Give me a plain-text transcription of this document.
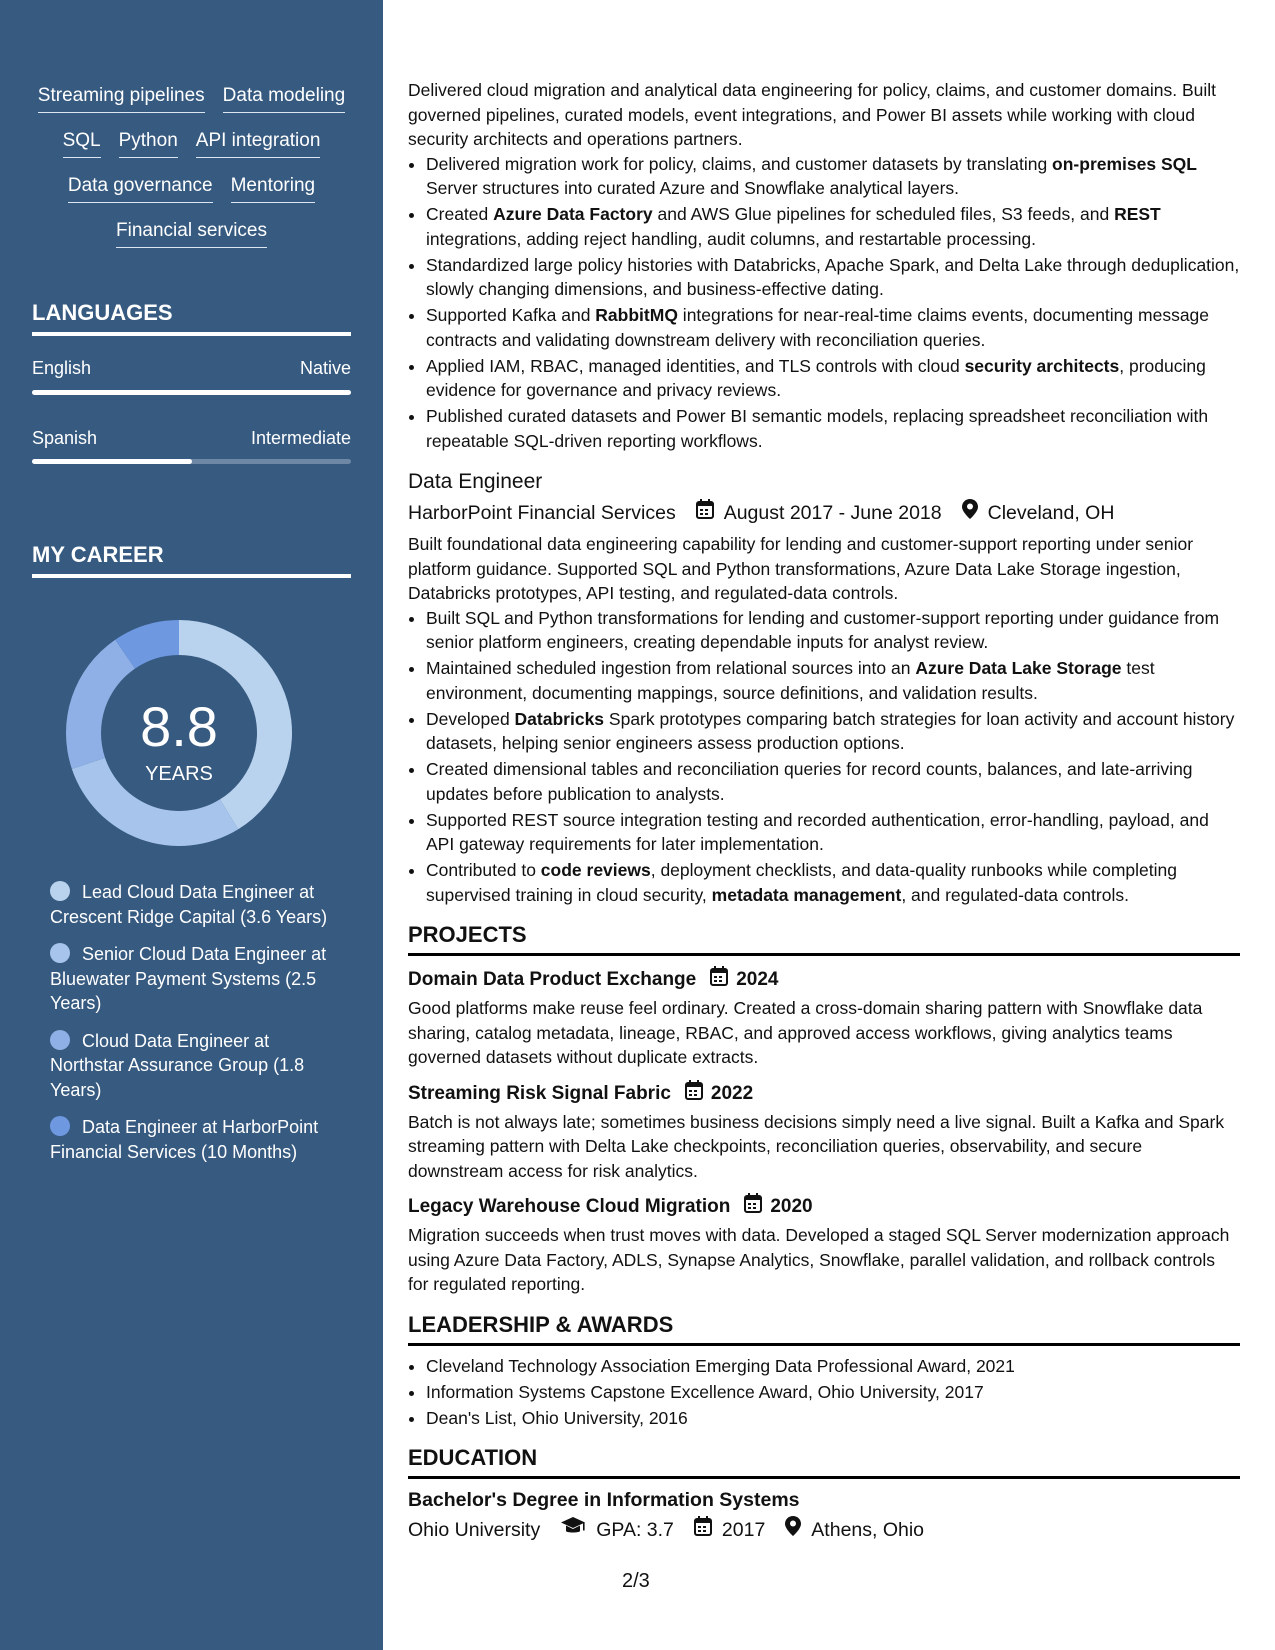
Streaming pipelines Data modeling
SQL Python API integration
Data governance Mentoring
Financial services
LANGUAGES
English	Native
Spanish	Intermediate
MY CAREER
8.8
YEARS
Lead Cloud Data Engineer at Crescent Ridge Capital (3.6 Years)
Senior Cloud Data Engineer at Bluewater Payment Systems (2.5 Years)
Cloud Data Engineer at Northstar Assurance Group (1.8 Years)
Data Engineer at HarborPoint Financial Services (10 Months)

Delivered cloud migration and analytical data engineering for policy, claims, and customer domains. Built governed pipelines, curated models, event integrations, and Power BI assets while working with cloud security architects and operations partners.

• Delivered migration work for policy, claims, and customer datasets by translating on-premises SQL Server structures into curated Azure and Snowflake analytical layers.
• Created Azure Data Factory and AWS Glue pipelines for scheduled files, S3 feeds, and REST integrations, adding reject handling, audit columns, and restartable processing.
• Standardized large policy histories with Databricks, Apache Spark, and Delta Lake through deduplication, slowly changing dimensions, and business-effective dating.
• Supported Kafka and RabbitMQ integrations for near-real-time claims events, documenting message contracts and validating downstream delivery with reconciliation queries.
• Applied IAM, RBAC, managed identities, and TLS controls with cloud security architects, producing evidence for governance and privacy reviews.
• Published curated datasets and Power BI semantic models, replacing spreadsheet reconciliation with repeatable SQL-driven reporting workflows.
Data Engineer
HarborPoint Financial Services August 2017 - June 2018 Cleveland, OH

Built foundational data engineering capability for lending and customer-support reporting under senior platform guidance. Supported SQL and Python transformations, Azure Data Lake Storage ingestion, Databricks prototypes, API testing, and regulated-data controls.

• Built SQL and Python transformations for lending and customer-support reporting under guidance from senior platform engineers, creating dependable inputs for analyst review.
• Maintained scheduled ingestion from relational sources into an Azure Data Lake Storage test environment, documenting mappings, source definitions, and validation results.
• Developed Databricks Spark prototypes comparing batch strategies for loan activity and account history datasets, helping senior engineers assess production options.
• Created dimensional tables and reconciliation queries for record counts, balances, and late-arriving updates before publication to analysts.
• Supported REST source integration testing and recorded authentication, error-handling, payload, and API gateway requirements for later implementation.
• Contributed to code reviews, deployment checklists, and data-quality runbooks while completing supervised training in cloud security, metadata management, and regulated-data controls.
PROJECTS
Domain Data Product Exchange 2024

Good platforms make reuse feel ordinary. Created a cross-domain sharing pattern with Snowflake data sharing, catalog metadata, lineage, RBAC, and approved access workflows, giving analytics teams governed datasets without duplicate extracts.

Streaming Risk Signal Fabric 2022

Batch is not always late; sometimes business decisions simply need a live signal. Built a Kafka and Spark streaming pattern with Delta Lake checkpoints, reconciliation queries, observability, and secure downstream access for risk analytics.

Legacy Warehouse Cloud Migration 2020

Migration succeeds when trust moves with data. Developed a staged SQL Server modernization approach using Azure Data Factory, ADLS, Synapse Analytics, Snowflake, parallel validation, and rollback controls for regulated reporting.

LEADERSHIP & AWARDS
• Cleveland Technology Association Emerging Data Professional Award, 2021
• Information Systems Capstone Excellence Award, Ohio University, 2017
• Dean's List, Ohio University, 2016
EDUCATION
Bachelor's Degree in Information Systems
Ohio University	GPA: 3.7 2017 Athens, Ohio
2/3
